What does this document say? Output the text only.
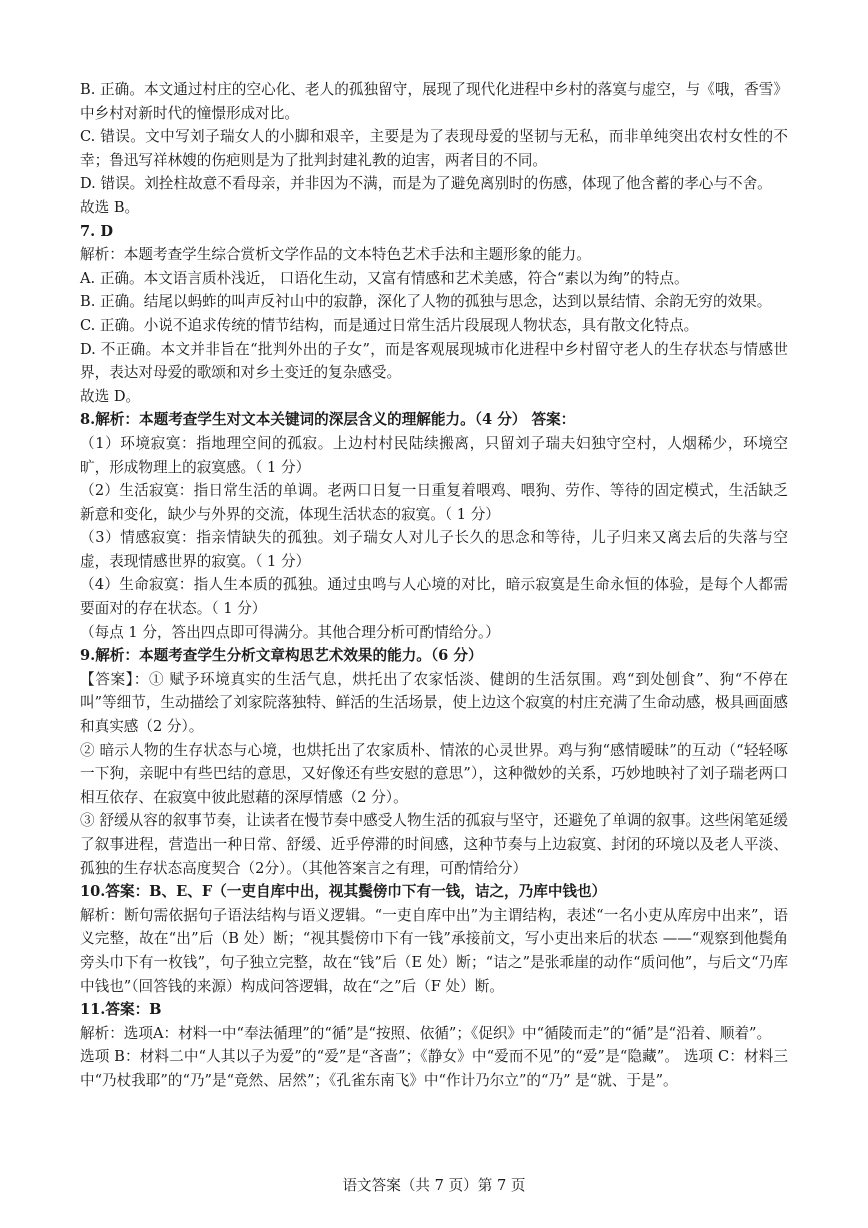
B. 正确。本文通过村庄的空心化、老人的孤独留守，展现了现代化进程中乡村的落寞与虚空，与《哦，香雪》中乡村对新时代的憧憬形成对比。

C. 错误。文中写刘子瑞女人的小脚和艰辛，主要是为了表现母爱的坚韧与无私，而非单纯突出农村女性的不幸；鲁迅写祥林嫂的伤疤则是为了批判封建礼教的迫害，两者目的不同。

D. 错误。刘拴柱故意不看母亲，并非因为不满，而是为了避免离别时的伤感，体现了他含蓄的孝心与不舍。

故选 B。

7. D

解析：本题考查学生综合赏析文学作品的文本特色艺术手法和主题形象的能力。

A. 正确。本文语言质朴浅近， 口语化生动，又富有情感和艺术美感，符合“素以为绚”的特点。

B. 正确。结尾以蚂蚱的叫声反衬山中的寂静，深化了人物的孤独与思念，达到以景结情、余韵无穷的效果。

C. 正确。小说不追求传统的情节结构，而是通过日常生活片段展现人物状态，具有散文化特点。

D. 不正确。本文并非旨在“批判外出的子女”，而是客观展现城市化进程中乡村留守老人的生存状态与情感世界，表达对母爱的歌颂和对乡土变迁的复杂感受。

故选 D。

8.解析：本题考查学生对文本关键词的深层含义的理解能力。（4 分） 答案：

（1）环境寂寞：指地理空间的孤寂。上边村村民陆续搬离，只留刘子瑞夫妇独守空村，人烟稀少，环境空旷，形成物理上的寂寞感。（ 1 分）

（2）生活寂寞：指日常生活的单调。老两口日复一日重复着喂鸡、喂狗、劳作、等待的固定模式，生活缺乏新意和变化，缺少与外界的交流，体现生活状态的寂寞。（ 1 分）

（3）情感寂寞：指亲情缺失的孤独。刘子瑞女人对儿子长久的思念和等待，儿子归来又离去后的失落与空虚，表现情感世界的寂寞。（ 1 分）

（4）生命寂寞：指人生本质的孤独。通过虫鸣与人心境的对比，暗示寂寞是生命永恒的体验，是每个人都需要面对的存在状态。（ 1 分）

（每点 1 分，答出四点即可得满分。其他合理分析可酌情给分。）

9.解析：本题考查学生分析文章构思艺术效果的能力。（6 分）

【答案】：① 赋予环境真实的生活气息，烘托出了农家恬淡、健朗的生活氛围。鸡“到处刨食”、狗“不停在叫”等细节，生动描绘了刘家院落独特、鲜活的生活场景，使上边这个寂寞的村庄充满了生命动感，极具画面感和真实感（2 分）。

② 暗示人物的生存状态与心境，也烘托出了农家质朴、情浓的心灵世界。鸡与狗“感情暧昧”的互动（“轻轻啄一下狗，亲昵中有些巴结的意思，又好像还有些安慰的意思”），这种微妙的关系，巧妙地映衬了刘子瑞老两口相互依存、在寂寞中彼此慰藉的深厚情感（2 分）。

③ 舒缓从容的叙事节奏，让读者在慢节奏中感受人物生活的孤寂与坚守，还避免了单调的叙事。这些闲笔延缓了叙事进程，营造出一种日常、舒缓、近乎停滞的时间感，这种节奏与上边寂寞、封闭的环境以及老人平淡、孤独的生存状态高度契合（2分）。（其他答案言之有理，可酌情给分）

10.答案：B、E、F（一吏自库中出，视其鬓傍巾下有一钱，诘之，乃库中钱也）

解析：断句需依据句子语法结构与语义逻辑。“一吏自库中出”为主谓结构，表述“一名小吏从库房中出来”，语义完整，故在“出”后（B 处）断；“视其鬓傍巾下有一钱”承接前文，写小吏出来后的状态 ——“观察到他鬓角旁头巾下有一枚钱”，句子独立完整，故在“钱”后（E 处）断；“诘之”是张乖崖的动作“质问他”，与后文“乃库中钱也”（回答钱的来源）构成问答逻辑，故在“之”后（F 处）断。

11.答案：B

解析：选项A：材料一中“奉法循理”的“循”是“按照、依循”；《促织》中“循陵而走”的“循”是“沿着、顺着”。

选项 B：材料二中“人其以子为爱”的“爱”是“吝啬”；《静女》中“爱而不见”的“爱”是“隐藏”。 选项 C：材料三中“乃杖我耶”的“乃”是“竟然、居然”；《孔雀东南飞》中“作计乃尔立”的“乃” 是“就、于是”。

语文答案（共 7 页）第 7 页
